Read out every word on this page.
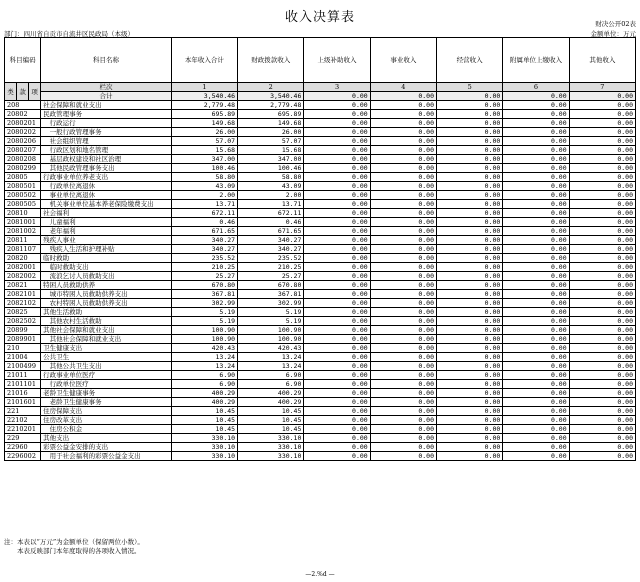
收入决算表	财决公开02表
部门：四川省自贡市自流井区民政局（本级）	金额单位：万元
科目编码			科目名称	本年收入合计	财政拨款收入	上级补助收入	事业收入	经营收入	附属单位上缴收入	其他收入
类	款	项	栏次	1	2	3	4	5	6	7
			合计	3,540.46	3,540.46	0.00	0.00	0.00	0.00	0.00
208			社会保障和就业支出	2,779.48	2,779.48	0.00	0.00	0.00	0.00	0.00
20802			民政管理事务	695.89	695.89	0.00	0.00	0.00	0.00	0.00
2080201			　行政运行	149.68	149.68	0.00	0.00	0.00	0.00	0.00
2080202			　一般行政管理事务	26.00	26.00	0.00	0.00	0.00	0.00	0.00
2080206			　社会组织管理	57.07	57.07	0.00	0.00	0.00	0.00	0.00
2080207			　行政区划和地名管理	15.68	15.68	0.00	0.00	0.00	0.00	0.00
2080208			　基层政权建设和社区治理	347.00	347.00	0.00	0.00	0.00	0.00	0.00
2080299			　其他民政管理事务支出	100.46	100.46	0.00	0.00	0.00	0.00	0.00
20805			行政事业单位养老支出	58.80	58.80	0.00	0.00	0.00	0.00	0.00
2080501			　行政单位离退休	43.09	43.09	0.00	0.00	0.00	0.00	0.00
2080502			　事业单位离退休	2.00	2.00	0.00	0.00	0.00	0.00	0.00
2080505			　机关事业单位基本养老保险缴费支出	13.71	13.71	0.00	0.00	0.00	0.00	0.00
20810			社会福利	672.11	672.11	0.00	0.00	0.00	0.00	0.00
2081001			　儿童福利	0.46	0.46	0.00	0.00	0.00	0.00	0.00
2081002			　老年福利	671.65	671.65	0.00	0.00	0.00	0.00	0.00
20811			残疾人事业	340.27	340.27	0.00	0.00	0.00	0.00	0.00
2081107			　残疾人生活和护理补贴	340.27	340.27	0.00	0.00	0.00	0.00	0.00
20820			临时救助	235.52	235.52	0.00	0.00	0.00	0.00	0.00
2082001			　临时救助支出	210.25	210.25	0.00	0.00	0.00	0.00	0.00
2082002			　流浪乞讨人员救助支出	25.27	25.27	0.00	0.00	0.00	0.00	0.00
20821			特困人员救助供养	670.80	670.80	0.00	0.00	0.00	0.00	0.00
2082101			　城市特困人员救助供养支出	367.81	367.81	0.00	0.00	0.00	0.00	0.00
2082102			　农村特困人员救助供养支出	302.99	302.99	0.00	0.00	0.00	0.00	0.00
20825			其他生活救助	5.19	5.19	0.00	0.00	0.00	0.00	0.00
2082502			　其他农村生活救助	5.19	5.19	0.00	0.00	0.00	0.00	0.00
20899			其他社会保障和就业支出	100.90	100.90	0.00	0.00	0.00	0.00	0.00
2089901			　其他社会保障和就业支出	100.90	100.90	0.00	0.00	0.00	0.00	0.00
210			卫生健康支出	420.43	420.43	0.00	0.00	0.00	0.00	0.00
21004			公共卫生	13.24	13.24	0.00	0.00	0.00	0.00	0.00
2100499			　其他公共卫生支出	13.24	13.24	0.00	0.00	0.00	0.00	0.00
21011			行政事业单位医疗	6.90	6.90	0.00	0.00	0.00	0.00	0.00
2101101			　行政单位医疗	6.90	6.90	0.00	0.00	0.00	0.00	0.00
21016			老龄卫生健康事务	400.29	400.29	0.00	0.00	0.00	0.00	0.00
2101601			　老龄卫生健康事务	400.29	400.29	0.00	0.00	0.00	0.00	0.00
221			住房保障支出	10.45	10.45	0.00	0.00	0.00	0.00	0.00
22102			住房改革支出	10.45	10.45	0.00	0.00	0.00	0.00	0.00
2210201			　住房公积金	10.45	10.45	0.00	0.00	0.00	0.00	0.00
229			其他支出	330.10	330.10	0.00	0.00	0.00	0.00	0.00
22960			彩票公益金安排的支出	330.10	330.10	0.00	0.00	0.00	0.00	0.00
2296002			　用于社会福利的彩票公益金支出	330.10	330.10	0.00	0.00	0.00	0.00	0.00
注：本表以“万元”为金额单位（保留两位小数）。
　　本表反映部门本年度取得的各项收入情况。
—2.%d —
